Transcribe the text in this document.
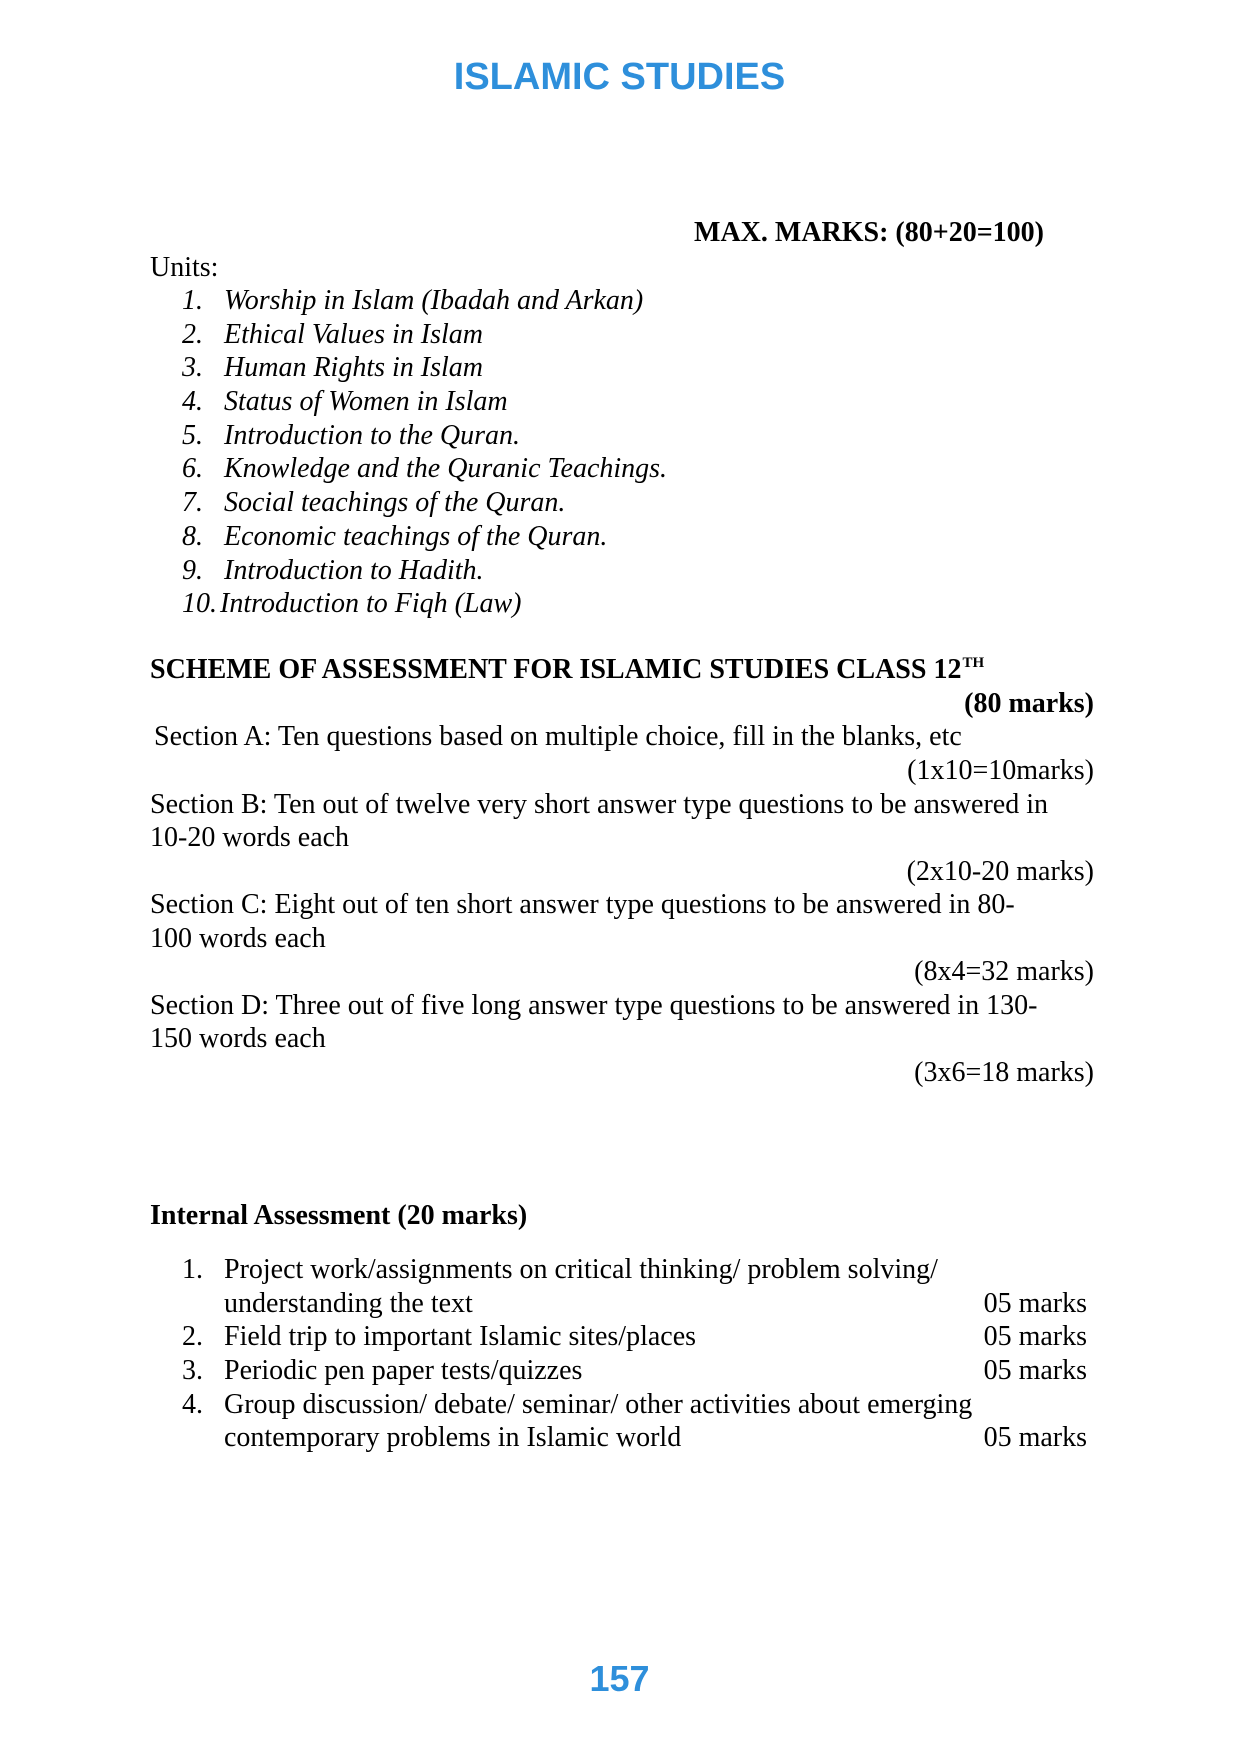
ISLAMIC STUDIES
MAX. MARKS: (80+20=100)
Units:
1. Worship in Islam (Ibadah and Arkan)
2. Ethical Values in Islam
3. Human Rights in Islam
4. Status of Women in Islam
5. Introduction to the Quran.
6. Knowledge and the Quranic Teachings.
7. Social teachings of the Quran.
8. Economic teachings of the Quran.
9. Introduction to Hadith.
10. Introduction to Fiqh (Law)
SCHEME OF ASSESSMENT FOR ISLAMIC STUDIES CLASS 12TH
(80 marks)
Section A: Ten questions based on multiple choice, fill in the blanks, etc
(1x10=10marks)
Section B: Ten out of twelve very short answer type questions to be answered in
10-20 words each
(2x10-20 marks)
Section C: Eight out of ten short answer type questions to be answered in 80-
100 words each
(8x4=32 marks)
Section D: Three out of five long answer type questions to be answered in 130-
150 words each
(3x6=18 marks)
Internal Assessment (20 marks)
1. Project work/assignments on critical thinking/ problem solving/
understanding the text	05 marks
2. Field trip to important Islamic sites/places	05 marks
3. Periodic pen paper tests/quizzes	05 marks
4. Group discussion/ debate/ seminar/ other activities about emerging
contemporary problems in Islamic world	05 marks
157
